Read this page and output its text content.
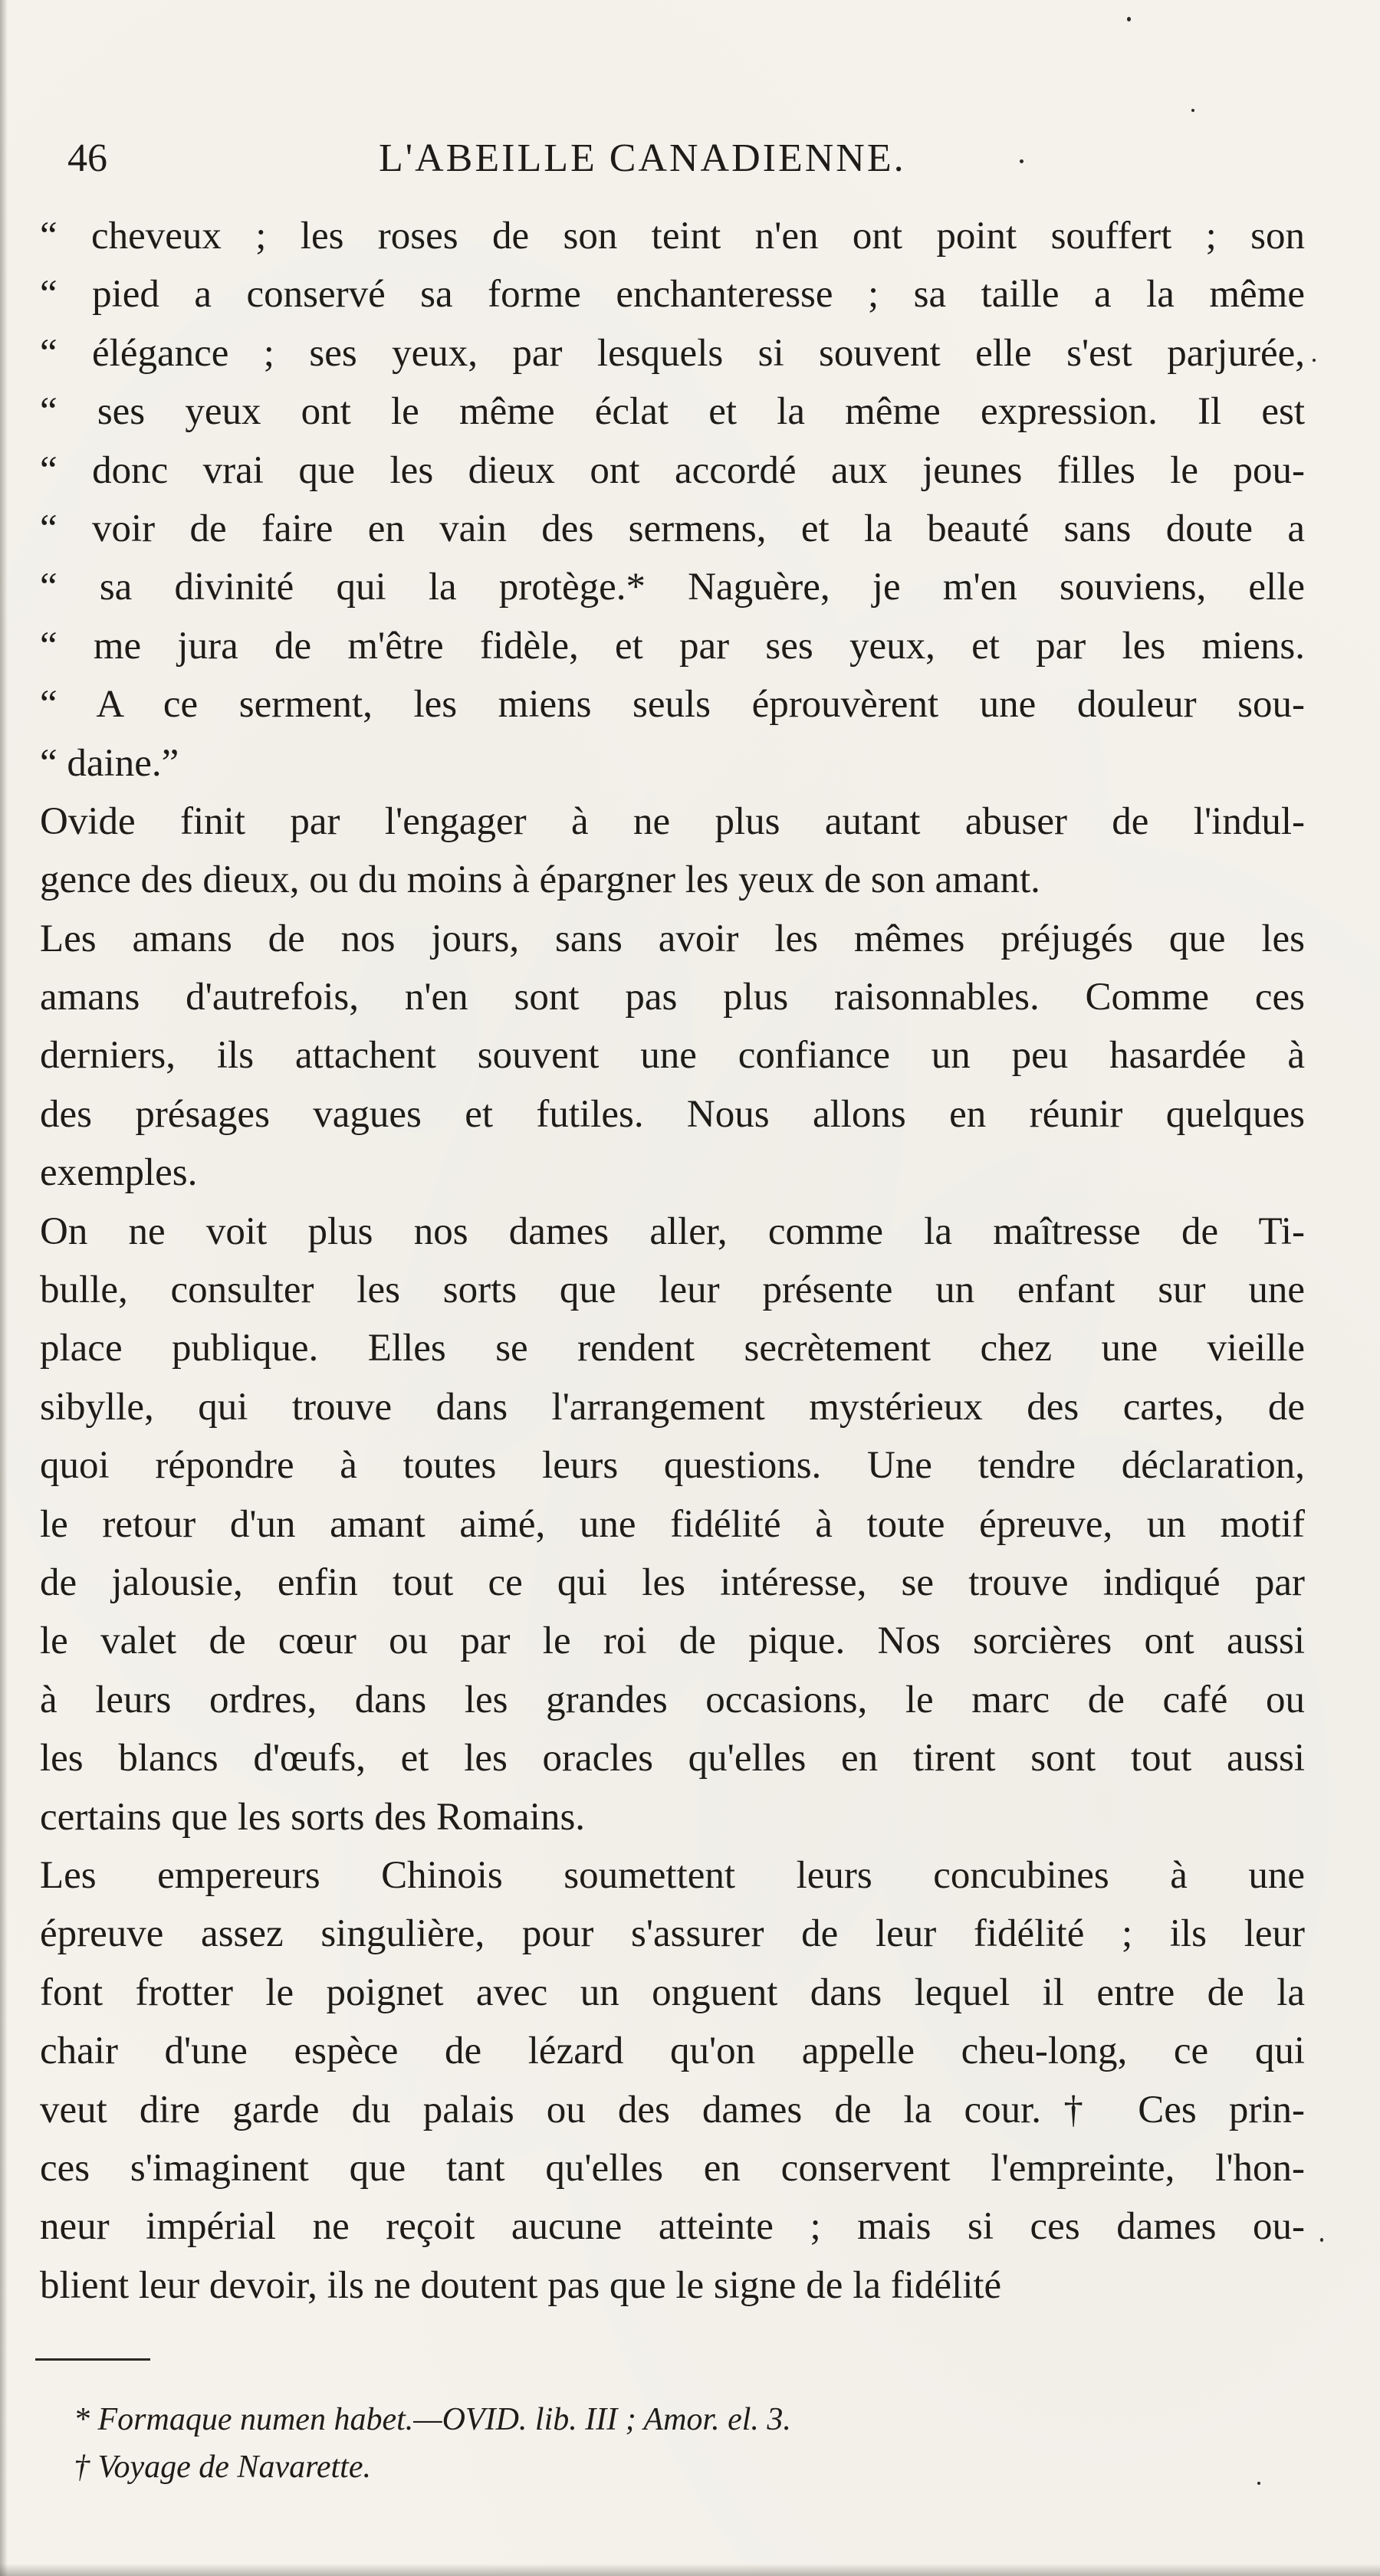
46	L'ABEILLE CANADIENNE.
“ cheveux ; les roses de son teint n'en ont point souffert ; son
“ pied a conservé sa forme enchanteresse ; sa taille a la même
“ élégance ; ses yeux, par lesquels si souvent elle s'est parjurée,
“ ses yeux ont le même éclat et la même expression. Il est
“ donc vrai que les dieux ont accordé aux jeunes filles le pou-
“ voir de faire en vain des sermens, et la beauté sans doute a
“ sa divinité qui la protège.* Naguère, je m'en souviens, elle
“ me jura de m'être fidèle, et par ses yeux, et par les miens.
“ A ce serment, les miens seuls éprouvèrent une douleur sou-
“ daine.”
Ovide finit par l'engager à ne plus autant abuser de l'indul-
gence des dieux, ou du moins à épargner les yeux de son amant.
Les amans de nos jours, sans avoir les mêmes préjugés que les
amans d'autrefois, n'en sont pas plus raisonnables. Comme ces
derniers, ils attachent souvent une confiance un peu hasardée à
des présages vagues et futiles. Nous allons en réunir quelques
exemples.
On ne voit plus nos dames aller, comme la maîtresse de Ti-
bulle, consulter les sorts que leur présente un enfant sur une
place publique. Elles se rendent secrètement chez une vieille
sibylle, qui trouve dans l'arrangement mystérieux des cartes, de
quoi répondre à toutes leurs questions. Une tendre déclaration,
le retour d'un amant aimé, une fidélité à toute épreuve, un motif
de jalousie, enfin tout ce qui les intéresse, se trouve indiqué par
le valet de cœur ou par le roi de pique. Nos sorcières ont aussi
à leurs ordres, dans les grandes occasions, le marc de café ou
les blancs d'œufs, et les oracles qu'elles en tirent sont tout aussi
certains que les sorts des Romains.
Les empereurs Chinois soumettent leurs concubines à une
épreuve assez singulière, pour s'assurer de leur fidélité ; ils leur
font frotter le poignet avec un onguent dans lequel il entre de la
chair d'une espèce de lézard qu'on appelle cheu-long, ce qui
veut dire garde du palais ou des dames de la cour.† Ces prin-
ces s'imaginent que tant qu'elles en conservent l'empreinte, l'hon-
neur impérial ne reçoit aucune atteinte ; mais si ces dames ou-
blient leur devoir, ils ne doutent pas que le signe de la fidélité
* Formaque numen habet.—OVID. lib. III ; Amor. el. 3.
† Voyage de Navarette.
